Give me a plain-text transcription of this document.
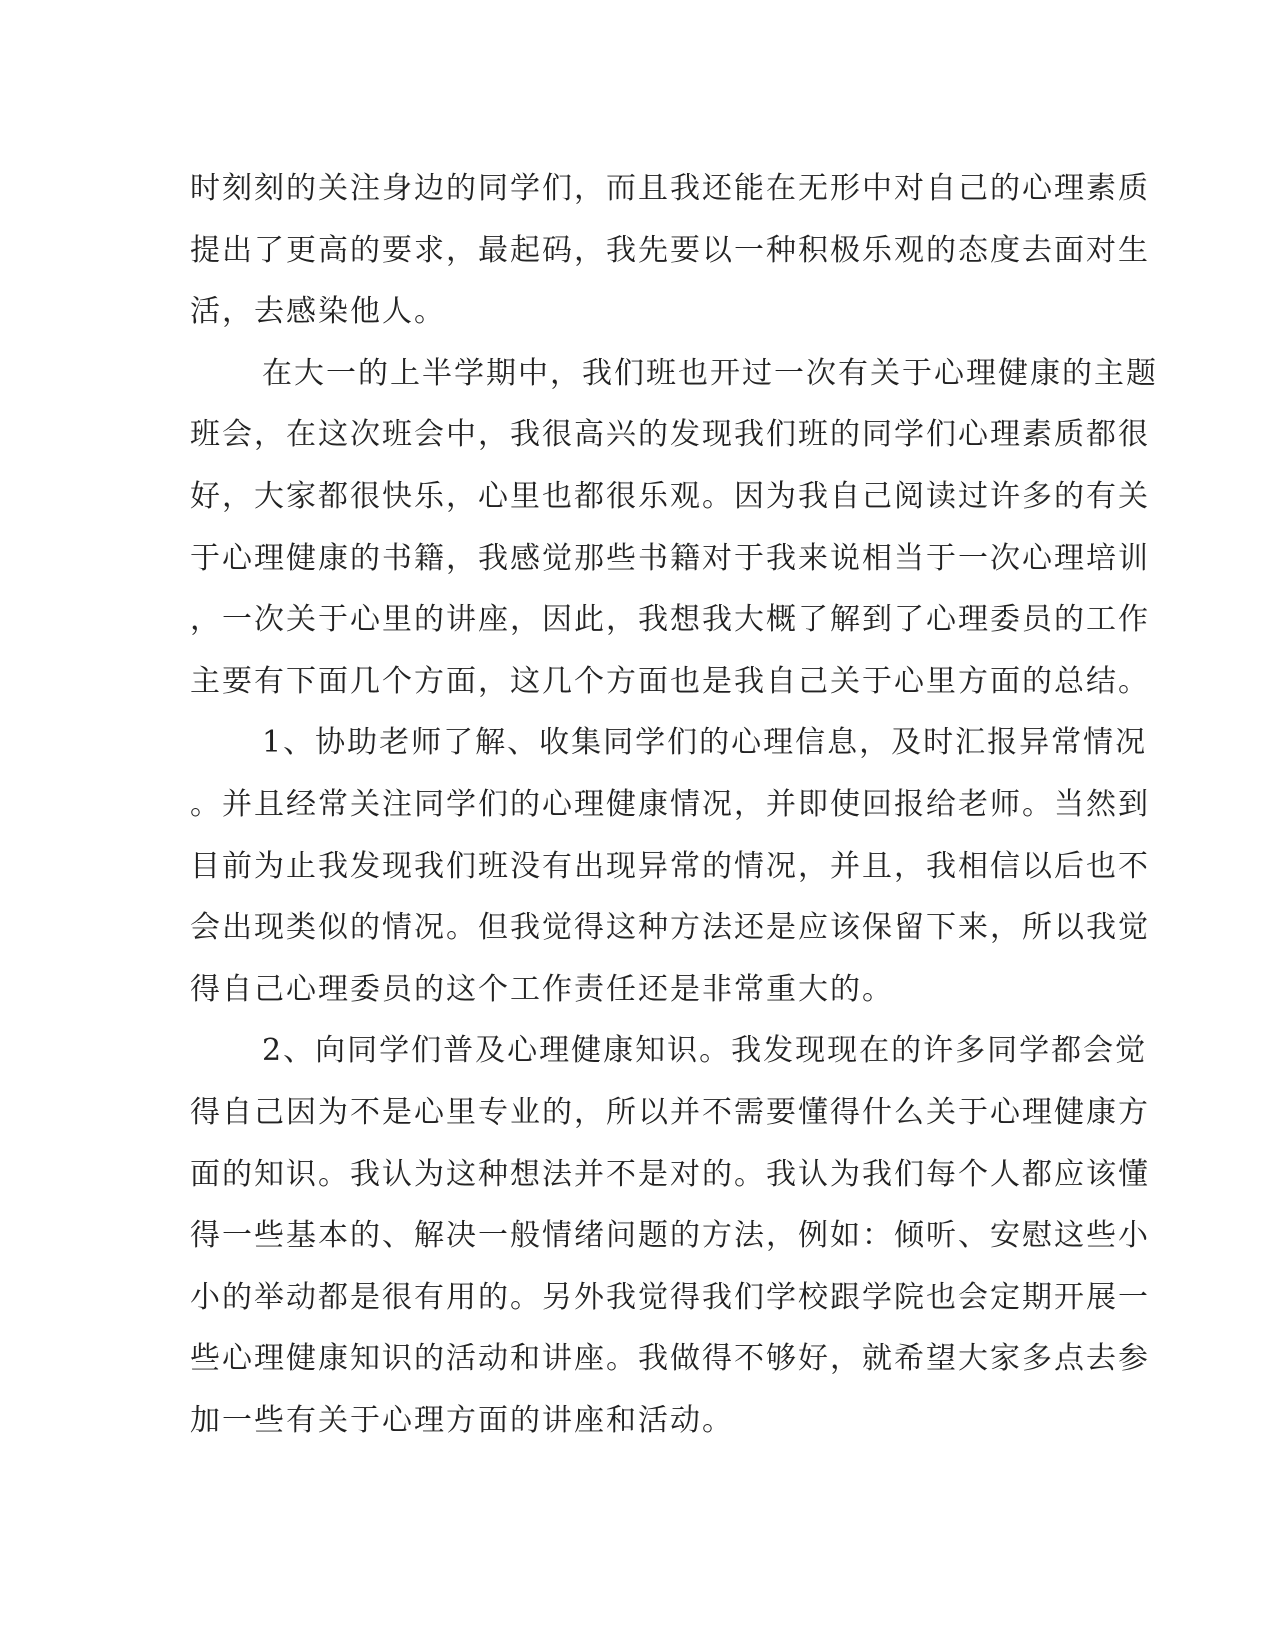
时刻刻的关注身边的同学们，而且我还能在无形中对自己的心理素质
提出了更高的要求，最起码，我先要以一种积极乐观的态度去面对生
活，去感染他人。
在大一的上半学期中，我们班也开过一次有关于心理健康的主题
班会，在这次班会中，我很高兴的发现我们班的同学们心理素质都很
好，大家都很快乐，心里也都很乐观。因为我自己阅读过许多的有关
于心理健康的书籍，我感觉那些书籍对于我来说相当于一次心理培训
，一次关于心里的讲座，因此，我想我大概了解到了心理委员的工作
主要有下面几个方面，这几个方面也是我自己关于心里方面的总结。
1、协助老师了解、收集同学们的心理信息，及时汇报异常情况
。并且经常关注同学们的心理健康情况，并即使回报给老师。当然到
目前为止我发现我们班没有出现异常的情况，并且，我相信以后也不
会出现类似的情况。但我觉得这种方法还是应该保留下来，所以我觉
得自己心理委员的这个工作责任还是非常重大的。
2、向同学们普及心理健康知识。我发现现在的许多同学都会觉
得自己因为不是心里专业的，所以并不需要懂得什么关于心理健康方
面的知识。我认为这种想法并不是对的。我认为我们每个人都应该懂
得一些基本的、解决一般情绪问题的方法，例如：倾听、安慰这些小
小的举动都是很有用的。另外我觉得我们学校跟学院也会定期开展一
些心理健康知识的活动和讲座。我做得不够好，就希望大家多点去参
加一些有关于心理方面的讲座和活动。
